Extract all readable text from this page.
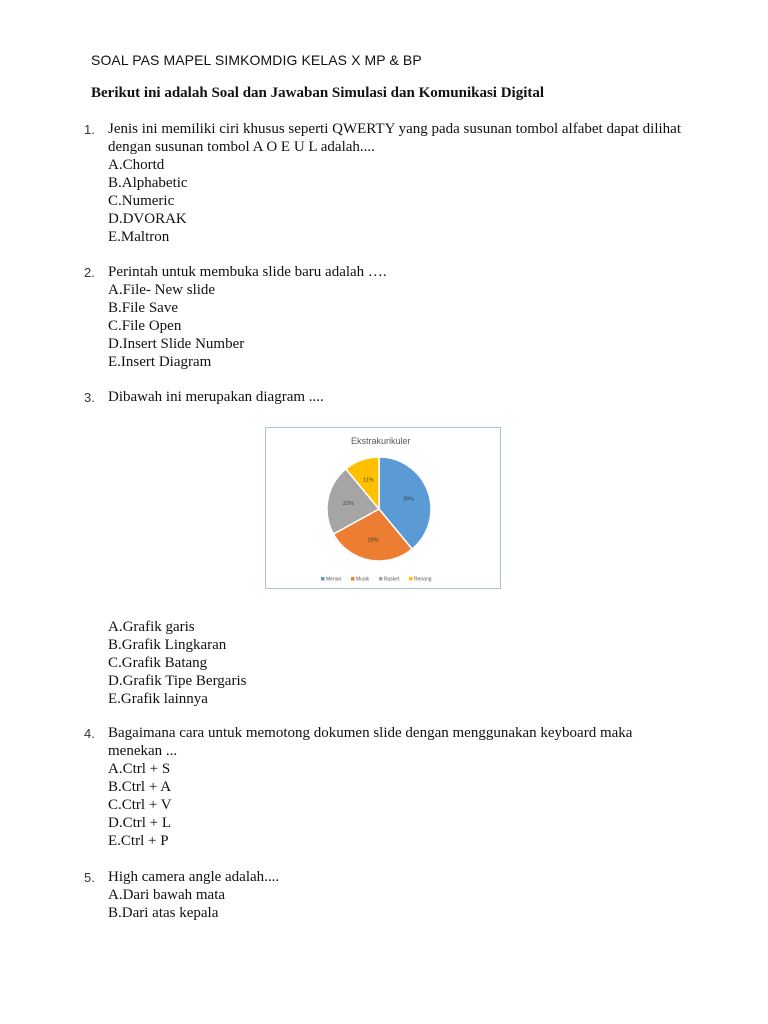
SOAL PAS MAPEL SIMKOMDIG KELAS X MP & BP
Berikut ini adalah Soal dan Jawaban Simulasi dan Komunikasi Digital
1. Jenis ini memiliki ciri khusus seperti QWERTY yang pada susunan tombol alfabet dapat dilihat dengan susunan tombol A O E U L adalah....
A.Chortd
B.Alphabetic
C.Numeric
D.DVORAK
E.Maltron
2. Perintah untuk membuka slide baru adalah ….
A.File- New slide
B.File Save
C.File Open
D.Insert Slide Number
E.Insert Diagram
3. Dibawah ini merupakan diagram ....
Ekstrakurikuler
39%
28%
22%
11%
Menari	Musik	Basket	Renang
A.Grafik garis
B.Grafik Lingkaran
C.Grafik Batang
D.Grafik Tipe Bergaris
E.Grafik lainnya
4. Bagaimana cara untuk memotong dokumen slide dengan menggunakan keyboard maka menekan ...
A.Ctrl + S
B.Ctrl + A
C.Ctrl + V
D.Ctrl + L
E.Ctrl + P
5. High camera angle adalah....
A.Dari bawah mata
B.Dari atas kepala
